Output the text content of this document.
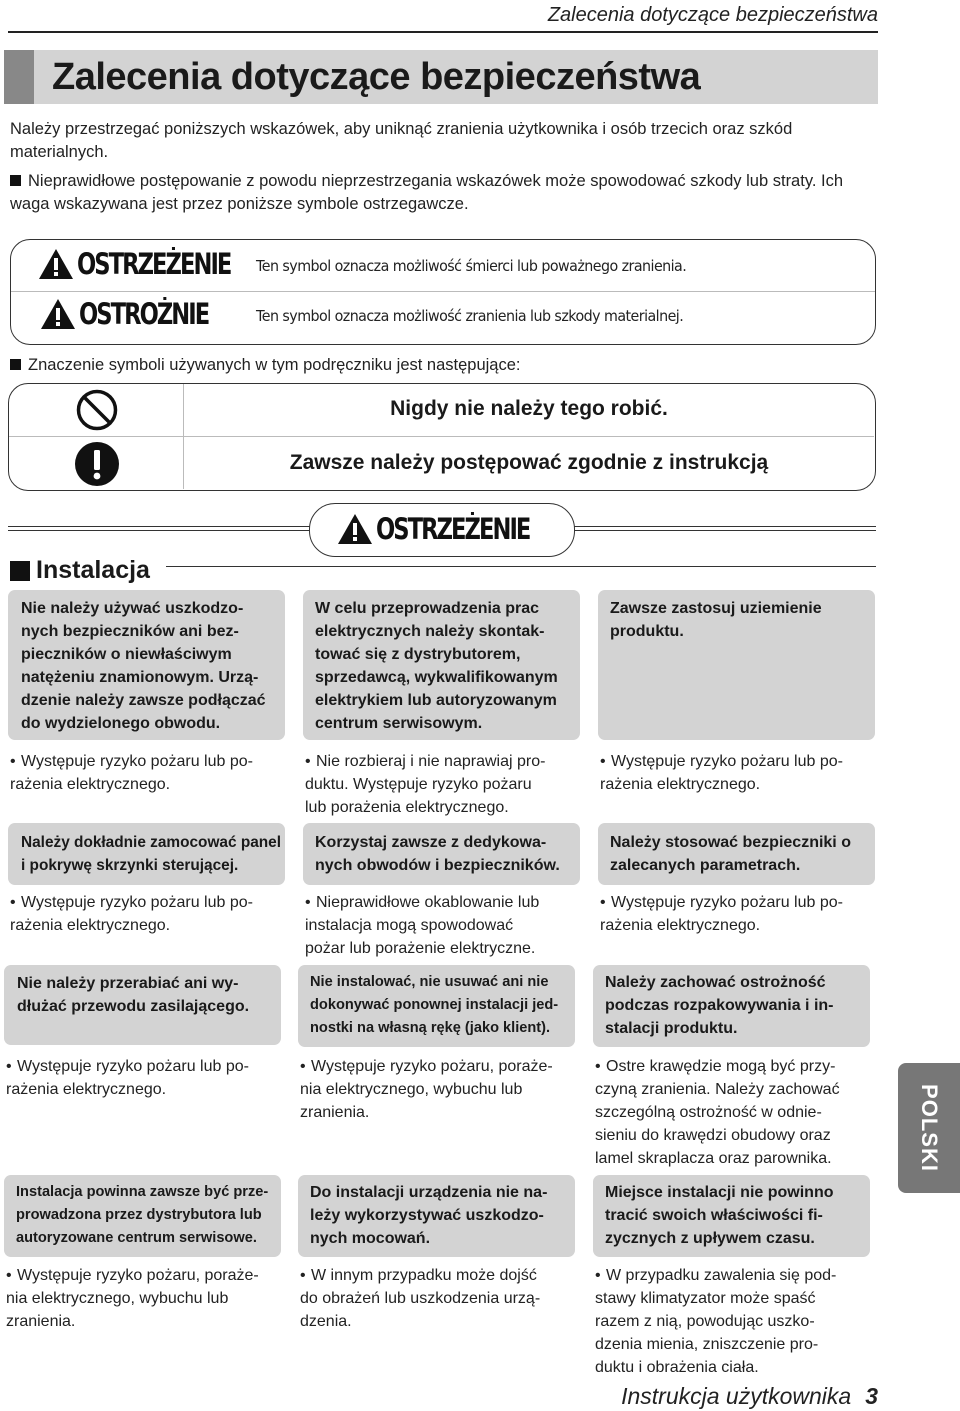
Zalecenia dotyczące bezpieczeństwa
Zalecenia dotyczące bezpieczeństwa
Należy przestrzegać poniższych wskazówek, aby uniknąć zranienia użytkownika i osób trzecich oraz szkód materialnych.
Nieprawidłowe postępowanie z powodu nieprzestrzegania wskazówek może spowodować szkody lub straty. Ich waga wskazywana jest przez poniższe symbole ostrzegawcze.
OSTRZEŻENIE Ten symbol oznacza możliwość śmierci lub poważnego zranienia.
OSTROŻNIE	Ten symbol oznacza możliwość zranienia lub szkody materialnej.
Znaczenie symboli używanych w tym podręczniku jest następujące:
Nigdy nie należy tego robić.
Zawsze należy postępować zgodnie z instrukcją
OSTRZEŻENIE
Instalacja
Nie należy używać uszkodzo-
nych bezpieczników ani bez-
pieczników o niewłaściwym
natężeniu znamionowym. Urzą-
dzenie należy zawsze podłączać
do wydzielonego obwodu.
• Występuje ryzyko pożaru lub po-
rażenia elektrycznego.
Należy dokładnie zamocować panel
i pokrywę skrzynki sterującej.
• Występuje ryzyko pożaru lub po-
rażenia elektrycznego.
Nie należy przerabiać ani wy-
dłużać przewodu zasilającego.
• Występuje ryzyko pożaru lub po-
rażenia elektrycznego.
Instalacja powinna zawsze być prze-
prowadzona przez dystrybutora lub
autoryzowane centrum serwisowe.
• Występuje ryzyko pożaru, poraże-
nia elektrycznego, wybuchu lub
zranienia.
W celu przeprowadzenia prac
elektrycznych należy skontak-
tować się z dystrybutorem,
sprzedawcą, wykwalifikowanym
elektrykiem lub autoryzowanym
centrum serwisowym.
• Nie rozbieraj i nie naprawiaj pro-
duktu. Występuje ryzyko pożaru
lub porażenia elektrycznego.
Korzystaj zawsze z dedykowa-
nych obwodów i bezpieczników.
• Nieprawidłowe okablowanie lub
instalacja mogą spowodować
pożar lub porażenie elektryczne.
Nie instalować, nie usuwać ani nie
dokonywać ponownej instalacji jed-
nostki na własną rękę (jako klient).
• Występuje ryzyko pożaru, poraże-
nia elektrycznego, wybuchu lub
zranienia.
Do instalacji urządzenia nie na-
leży wykorzystywać uszkodzo-
nych mocowań.
• W innym przypadku może dojść
do obrażeń lub uszkodzenia urzą-
dzenia.
Zawsze zastosuj uziemienie
produktu.
• Występuje ryzyko pożaru lub po-
rażenia elektrycznego.
Należy stosować bezpieczniki o
zalecanych parametrach.
• Występuje ryzyko pożaru lub po-
rażenia elektrycznego.
Należy zachować ostrożność
podczas rozpakowywania i in-
stalacji produktu.
• Ostre krawędzie mogą być przy-
czyną zranienia. Należy zachować
szczególną ostrożność w odnie-
sieniu do krawędzi obudowy oraz
lamel skraplacza oraz parownika.
Miejsce instalacji nie powinno
tracić swoich właściwości fi-
zycznych z upływem czasu.
• W przypadku zawalenia się pod-
stawy klimatyzator może spaść
razem z nią, powodując uszko-
dzenia mienia, zniszczenie pro-
duktu i obrażenia ciała.
POLSKI
Instrukcja użytkownika 3
